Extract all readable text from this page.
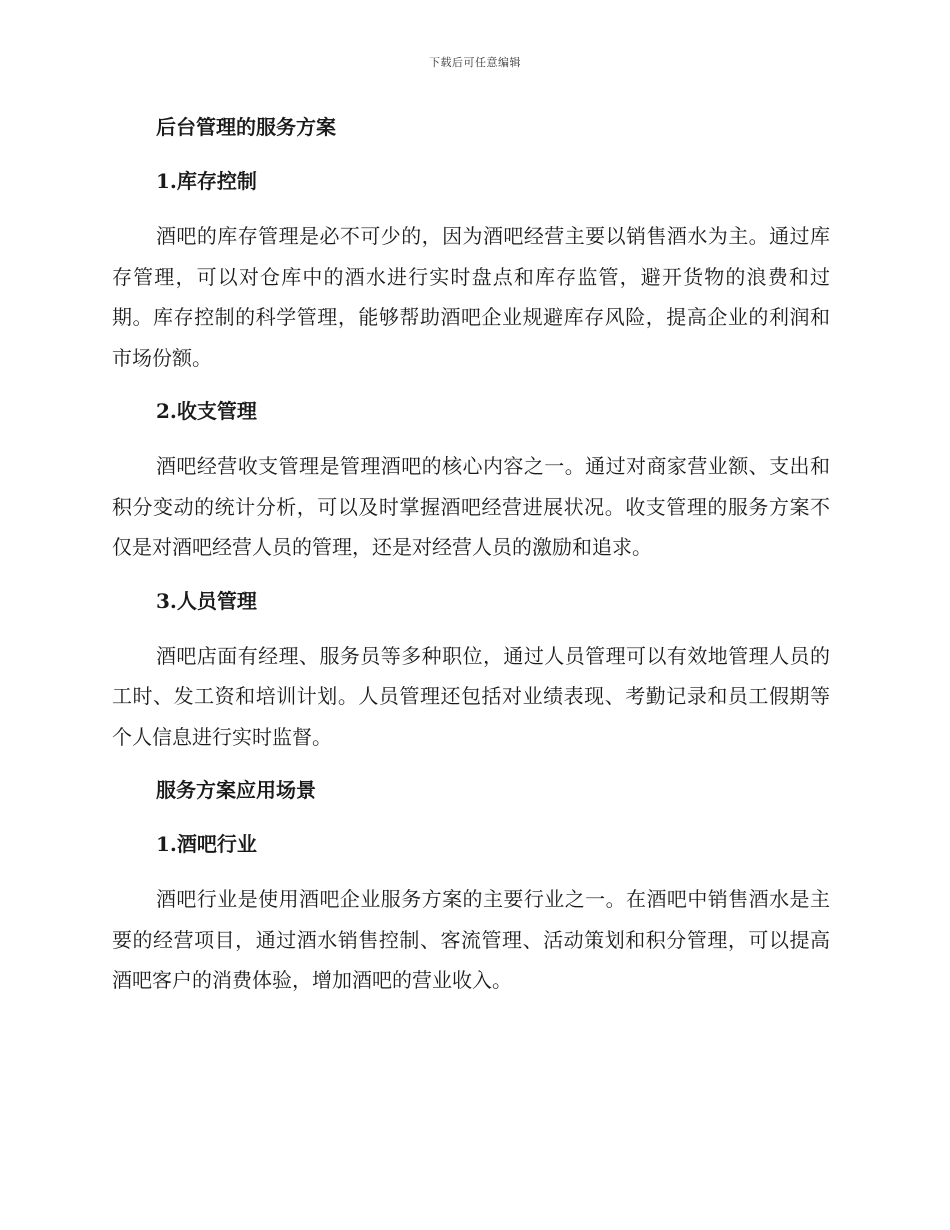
下载后可任意编辑
后台管理的服务方案
1.库存控制

酒吧的库存管理是必不可少的，因为酒吧经营主要以销售酒水为主。通过库存管理，可以对仓库中的酒水进行实时盘点和库存监管，避开货物的浪费和过期。库存控制的科学管理，能够帮助酒吧企业规避库存风险，提高企业的利润和市场份额。

2.收支管理

酒吧经营收支管理是管理酒吧的核心内容之一。通过对商家营业额、支出和积分变动的统计分析，可以及时掌握酒吧经营进展状况。收支管理的服务方案不仅是对酒吧经营人员的管理，还是对经营人员的激励和追求。

3.人员管理

酒吧店面有经理、服务员等多种职位，通过人员管理可以有效地管理人员的工时、发工资和培训计划。人员管理还包括对业绩表现、考勤记录和员工假期等个人信息进行实时监督。

服务方案应用场景
1.酒吧行业

酒吧行业是使用酒吧企业服务方案的主要行业之一。在酒吧中销售酒水是主要的经营项目，通过酒水销售控制、客流管理、活动策划和积分管理，可以提高酒吧客户的消费体验，增加酒吧的营业收入。
